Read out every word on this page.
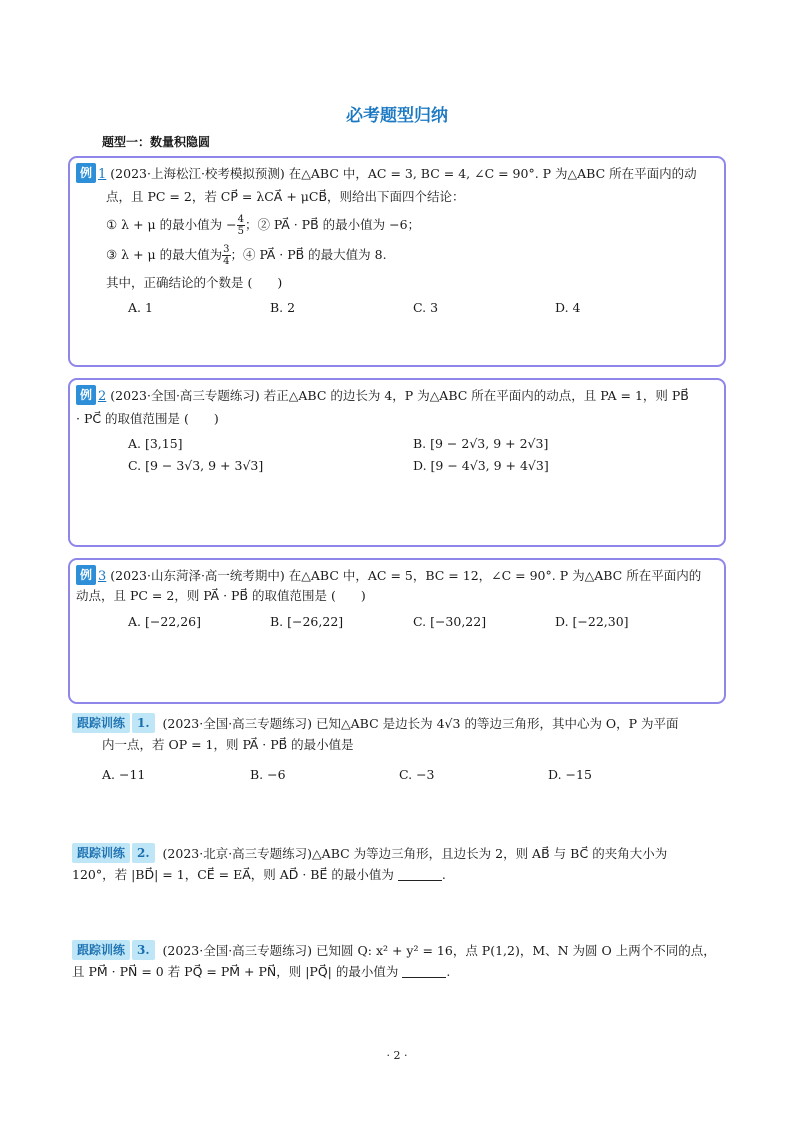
必考题型归纳
题型一：数量积隐圆
例 1 (2023·上海松江·校考模拟预测) 在△ABC 中，AC = 3, BC = 4, ∠C = 90°. P 为△ABC 所在平面内的动
点，且 PC = 2，若 CP⃗ = λCA⃗ + μCB⃗，则给出下面四个结论：
① λ + μ 的最小值为 − $\frac{4}{5}$ ；② PA⃗ · PB⃗ 的最小值为 −6；
③ λ + μ 的最大值为 $\frac{3}{4}$ ；④ PA⃗ · PB⃗ 的最大值为 8.
其中，正确结论的个数是 (　　)
A. 1	B. 2	C. 3	D. 4
例 2 (2023·全国·高三专题练习) 若正△ABC 的边长为 4，P 为△ABC 所在平面内的动点，且 PA = 1，则 PB⃗
· PC⃗ 的取值范围是 (　　)
A. [3,15]	B. [9 − 2√3, 9 + 2√3]
C. [9 − 3√3, 9 + 3√3]	D. [9 − 4√3, 9 + 4√3]
例 3 (2023·山东菏泽·高一统考期中) 在△ABC 中，AC = 5，BC = 12，∠C = 90°. P 为△ABC 所在平面内的
动点，且 PC = 2，则 PA⃗ · PB⃗ 的取值范围是 (　　)
A. [−22,26]	B. [−26,22]	C. [−30,22]	D. [−22,30]
跟踪训练 1. (2023·全国·高三专题练习) 已知△ABC 是边长为 4√3 的等边三角形，其中心为 O，P 为平面
内一点，若 OP = 1，则 PA⃗ · PB⃗ 的最小值是
A. −11	B. −6	C. −3	D. −15
跟踪训练 2. (2023·北京·高三专题练习)△ABC 为等边三角形，且边长为 2，则 AB⃗ 与 BC⃗ 的夹角大小为
120°，若 |BD⃗| = 1，CE⃗ = EA⃗，则 AD⃗ · BE⃗ 的最小值为	.
跟踪训练 3. (2023·全国·高三专题练习) 已知圆 Q: x² + y² = 16，点 P(1,2)，M、N 为圆 O 上两个不同的点，
且 PM⃗ · PN⃗ = 0 若 PQ⃗ = PM⃗ + PN⃗，则 |PQ⃗| 的最小值为	.
· 2 ·
